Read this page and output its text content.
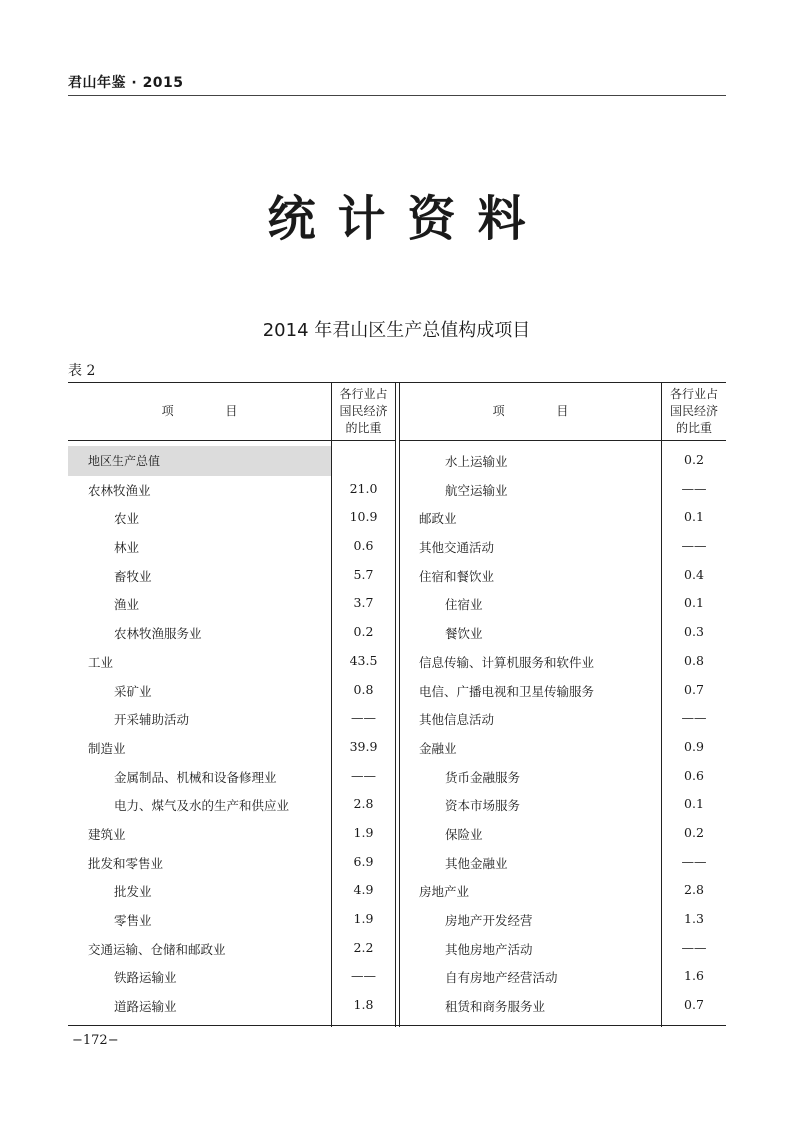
君山年鉴 · 2015
统计资料
2014 年君山区生产总值构成项目
表 2
项 目
各行业占
国民经济
的比重
项 目
各行业占
国民经济
的比重
地区生产总值
农林牧渔业	21.0
农业	10.9
林业	0.6
畜牧业	5.7
渔业	3.7
农林牧渔服务业	0.2
工业	43.5
采矿业	0.8
开采辅助活动	——
制造业	39.9
金属制品、机械和设备修理业	——
电力、煤气及水的生产和供应业	2.8
建筑业	1.9
批发和零售业	6.9
批发业	4.9
零售业	1.9
交通运输、仓储和邮政业	2.2
铁路运输业	——
道路运输业	1.8
水上运输业	0.2
航空运输业	——
邮政业	0.1
其他交通活动	——
住宿和餐饮业	0.4
住宿业	0.1
餐饮业	0.3
信息传输、计算机服务和软件业	0.8
电信、广播电视和卫星传输服务	0.7
其他信息活动	——
金融业	0.9
货币金融服务	0.6
资本市场服务	0.1
保险业	0.2
其他金融业	——
房地产业	2.8
房地产开发经营	1.3
其他房地产活动	——
自有房地产经营活动	1.6
租赁和商务服务业	0.7
−172−
